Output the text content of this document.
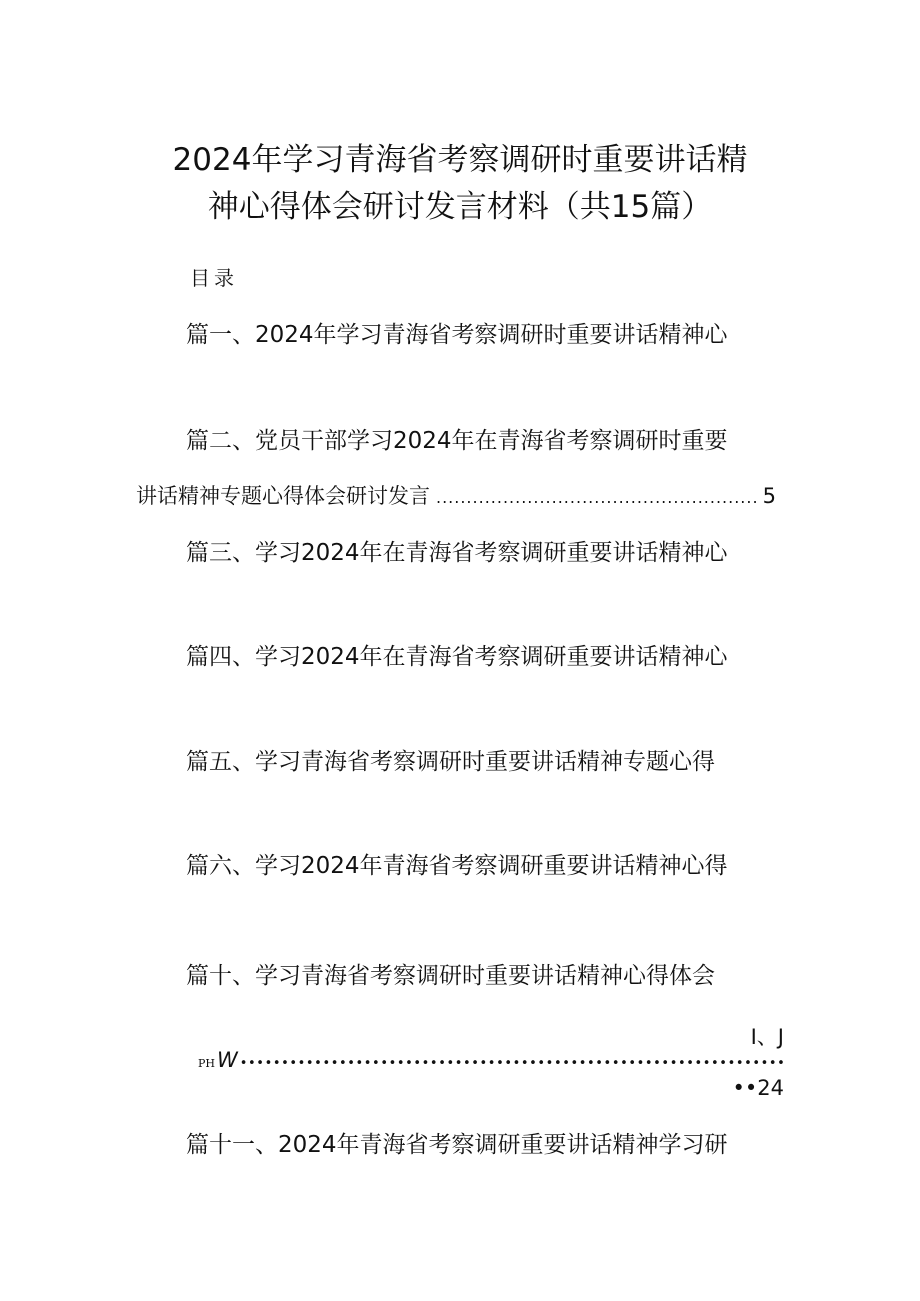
2024年学习青海省考察调研时重要讲话精
神心得体会研讨发言材料（共15篇）
目录
篇一、2024年学习青海省考察调研时重要讲话精神心
篇二、党员干部学习2024年在青海省考察调研时重要
讲话精神专题心得体会研讨发言
.....	5
篇三、学习2024年在青海省考察调研重要讲话精神心
篇四、学习2024年在青海省考察调研重要讲话精神心
篇五、学习青海省考察调研时重要讲话精神专题心得
篇六、学习2024年青海省考察调研重要讲话精神心得
篇十、学习青海省考察调研时重要讲话精神心得体会
I、J
PH W
•••••
••24
篇十一、2024年青海省考察调研重要讲话精神学习研
